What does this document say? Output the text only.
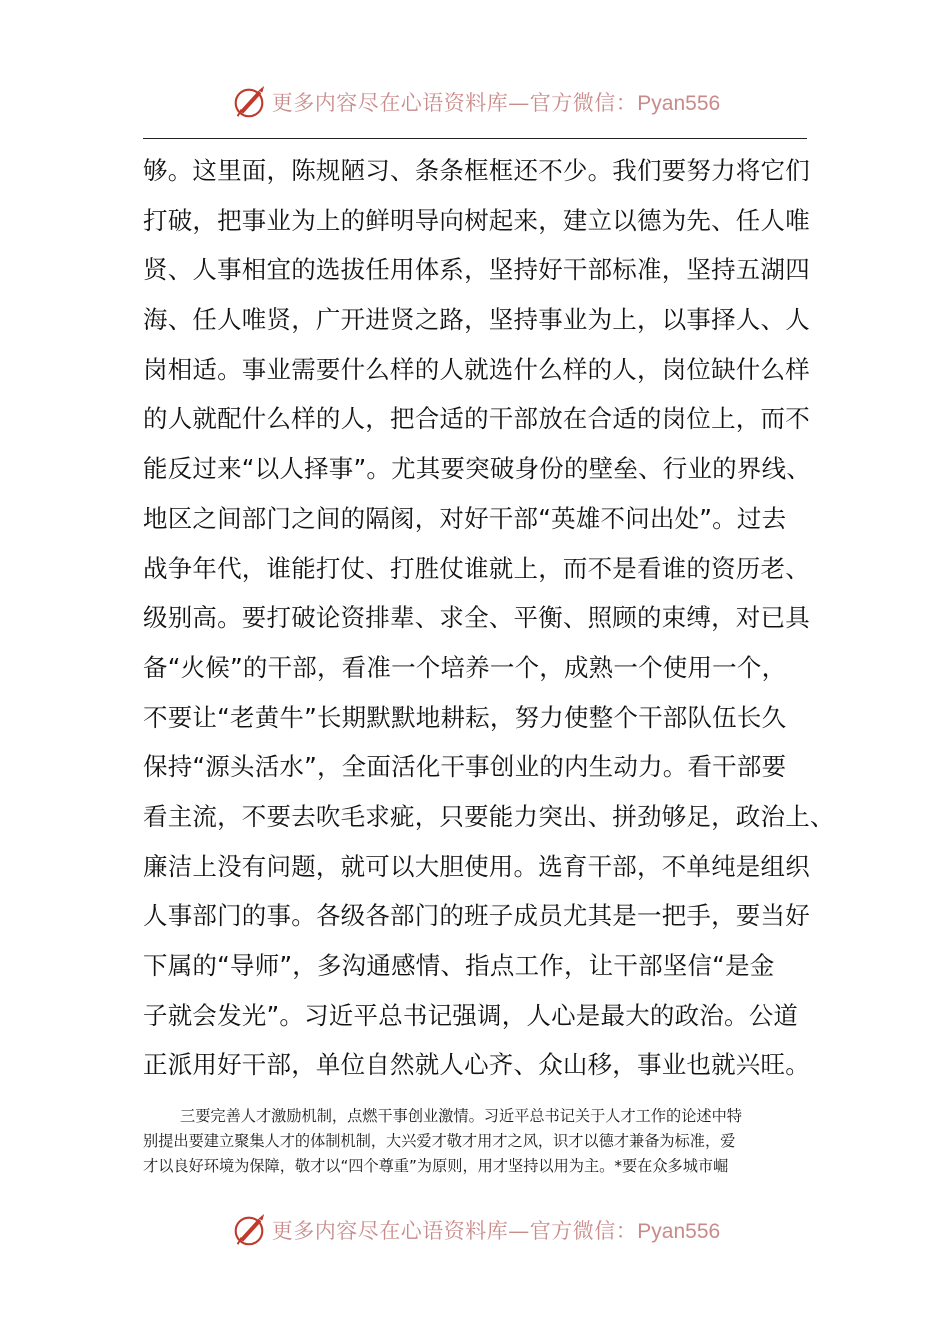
更多内容尽在心语资料库—官方微信：Pyan556
够。这里面，陈规陋习、条条框框还不少。我们要努力将它们
打破，把事业为上的鲜明导向树起来，建立以德为先、任人唯
贤、人事相宜的选拔任用体系，坚持好干部标准，坚持五湖四
海、任人唯贤，广开进贤之路，坚持事业为上，以事择人、人
岗相适。事业需要什么样的人就选什么样的人，岗位缺什么样
的人就配什么样的人，把合适的干部放在合适的岗位上，而不
能反过来“以人择事”。尤其要突破身份的壁垒、行业的界线、
地区之间部门之间的隔阂，对好干部“英雄不问出处”。过去
战争年代，谁能打仗、打胜仗谁就上，而不是看谁的资历老、
级别高。要打破论资排辈、求全、平衡、照顾的束缚，对已具
备“火候”的干部，看准一个培养一个，成熟一个使用一个，
不要让“老黄牛”长期默默地耕耘，努力使整个干部队伍长久
保持“源头活水”，全面活化干事创业的内生动力。看干部要
看主流，不要去吹毛求疵，只要能力突出、拼劲够足，政治上、
廉洁上没有问题，就可以大胆使用。选育干部，不单纯是组织
人事部门的事。各级各部门的班子成员尤其是一把手，要当好
下属的“导师”，多沟通感情、指点工作，让干部坚信“是金
子就会发光”。习近平总书记强调，人心是最大的政治。公道
正派用好干部，单位自然就人心齐、众山移，事业也就兴旺。
三要完善人才激励机制，点燃干事创业激情。习近平总书记关于人才工作的论述中特
别提出要建立聚集人才的体制机制，大兴爱才敬才用才之风，识才以德才兼备为标准，爱
才以良好环境为保障，敬才以“四个尊重”为原则，用才坚持以用为主。*要在众多城市崛
更多内容尽在心语资料库—官方微信：Pyan556
